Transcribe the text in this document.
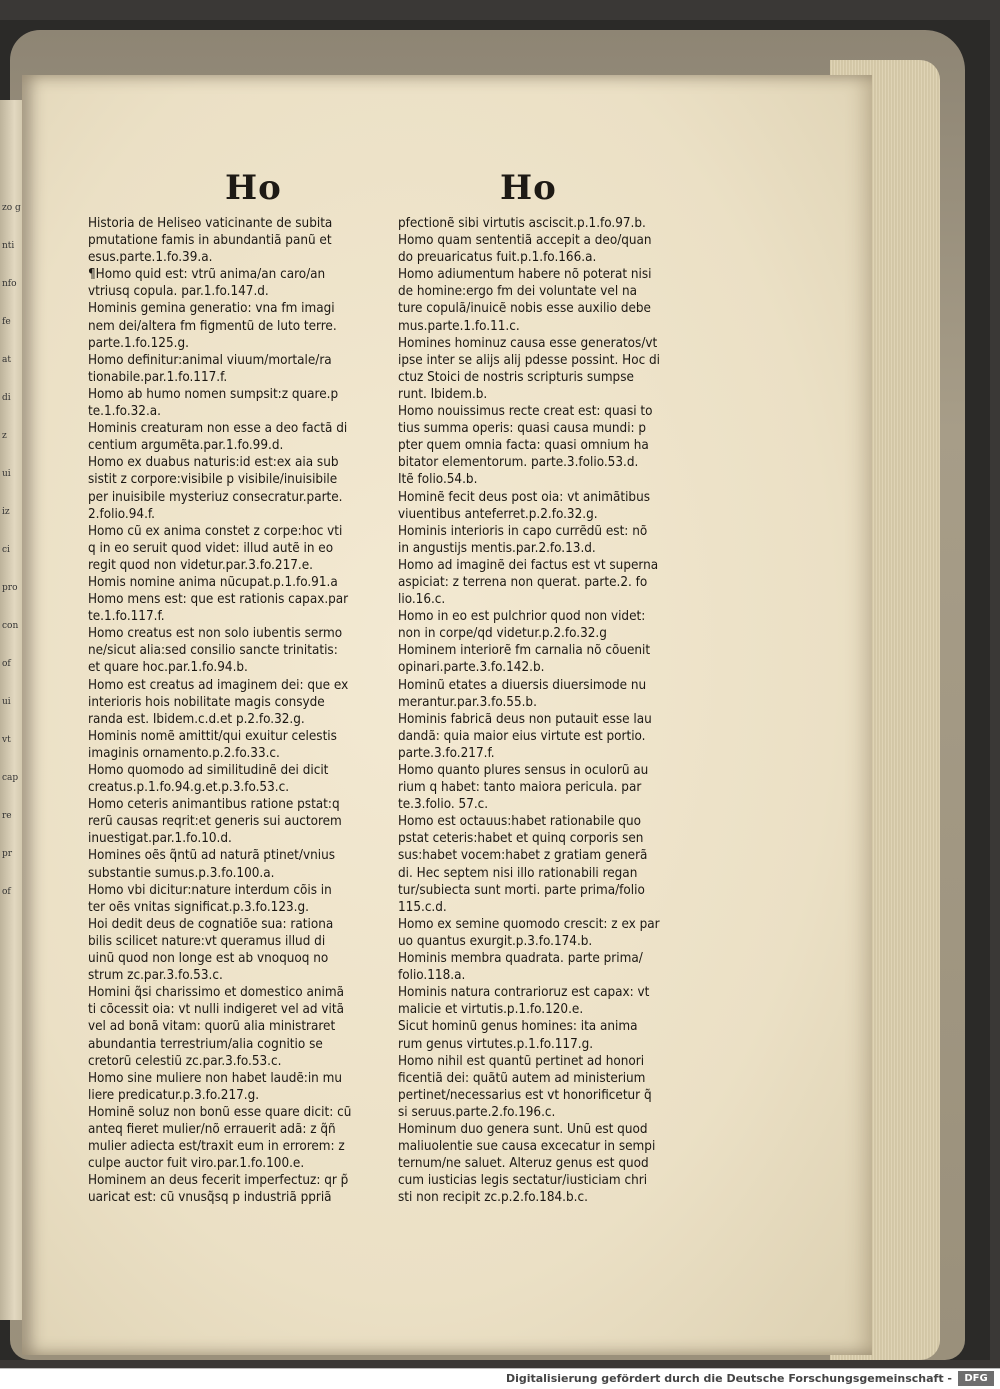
zo g
nti
nfo
fe
at
di
z
ui
iz
ci
pro
con
of
ui
vt
cap
re
pr
of
Ho	Ho

Historia de Heliseo vaticinante de subita

pmutatione famis in abundantiã panũ et

esus.parte.1.fo.39.a.

¶Homo quid est: vtrũ anima/an caro/an

vtriusq copula. par.1.fo.147.d.

Hominis gemina generatio: vna fm imagi

nem dei/altera fm figmentũ de luto terre.

parte.1.fo.125.g.

Homo definitur:animal viuum/mortale/ra

tionabile.par.1.fo.117.f.

Homo ab humo nomen sumpsit:z quare.p

te.1.fo.32.a.

Hominis creaturam non esse a deo factã di

centium argumẽta.par.1.fo.99.d.

Homo ex duabus naturis:id est:ex aia sub

sistit z corpore:visibile p visibile/inuisibile

per inuisibile mysteriuz consecratur.parte.

2.folio.94.f.

Homo cũ ex anima constet z corpe:hoc vti

q in eo seruit quod videt: illud autẽ in eo

regit quod non videtur.par.3.fo.217.e.

Homis nomine anima nũcupat.p.1.fo.91.a

Homo mens est: que est rationis capax.par

te.1.fo.117.f.

Homo creatus est non solo iubentis sermo

ne/sicut alia:sed consilio sancte trinitatis:

et quare hoc.par.1.fo.94.b.

Homo est creatus ad imaginem dei: que ex

interioris hois nobilitate magis consyde

randa est. Ibidem.c.d.et p.2.fo.32.g.

Hominis nomẽ amittit/qui exuitur celestis

imaginis ornamento.p.2.fo.33.c.

Homo quomodo ad similitudinẽ dei dicit

creatus.p.1.fo.94.g.et.p.3.fo.53.c.

Homo ceteris animantibus ratione pstat:q

rerũ causas reqrit:et generis sui auctorem

inuestigat.par.1.fo.10.d.

Homines oẽs q̃ntũ ad naturã ptinet/vnius

substantie sumus.p.3.fo.100.a.

Homo vbi dicitur:nature interdum cõis in

ter oẽs vnitas significat.p.3.fo.123.g.

Hoi dedit deus de cognatiõe sua: rationa

bilis scilicet nature:vt queramus illud di

uinũ quod non longe est ab vnoquoq no

strum zc.par.3.fo.53.c.

Homini q̃si charissimo et domestico animã

ti cõcessit oia: vt nulli indigeret vel ad vitã

vel ad bonã vitam: quorũ alia ministraret

abundantia terrestrium/alia cognitio se

cretorũ celestiũ zc.par.3.fo.53.c.

Homo sine muliere non habet laudẽ:in mu

liere predicatur.p.3.fo.217.g.

Hominẽ soluz non bonũ esse quare dicit: cũ

anteq fieret mulier/nõ errauerit adã: z q̃ñ

mulier adiecta est/traxit eum in errorem: z

culpe auctor fuit viro.par.1.fo.100.e.

Hominem an deus fecerit imperfectuz: qr p̃

uaricat est: cũ vnusq̃sq p industriã ppriã

pfectionẽ sibi virtutis asciscit.p.1.fo.97.b.

Homo quam sententiã accepit a deo/quan

do preuaricatus fuit.p.1.fo.166.a.

Homo adiumentum habere nõ poterat nisi

de homine:ergo fm dei voluntate vel na

ture copulã/inuicẽ nobis esse auxilio debe

mus.parte.1.fo.11.c.

Homines hominuz causa esse generatos/vt

ipse inter se alijs alij pdesse possint. Hoc di

ctuz Stoici de nostris scripturis sumpse

runt. Ibidem.b.

Homo nouissimus recte creat est: quasi to

tius summa operis: quasi causa mundi: p

pter quem omnia facta: quasi omnium ha

bitator elementorum. parte.3.folio.53.d.

Itẽ folio.54.b.

Hominẽ fecit deus post oia: vt animãtibus

viuentibus anteferret.p.2.fo.32.g.

Hominis interioris in capo currẽdũ est: nõ

in angustijs mentis.par.2.fo.13.d.

Homo ad imaginẽ dei factus est vt superna

aspiciat: z terrena non querat. parte.2. fo

lio.16.c.

Homo in eo est pulchrior quod non videt:

non in corpe/qd videtur.p.2.fo.32.g

Hominem interiorẽ fm carnalia nõ cõuenit

opinari.parte.3.fo.142.b.

Hominũ etates a diuersis diuersimode nu

merantur.par.3.fo.55.b.

Hominis fabricã deus non putauit esse lau

dandã: quia maior eius virtute est portio.

parte.3.fo.217.f.

Homo quanto plures sensus in oculorũ au

rium q habet: tanto maiora pericula. par

te.3.folio. 57.c.

Homo est octauus:habet rationabile quo

pstat ceteris:habet et quinq corporis sen

sus:habet vocem:habet z gratiam generã

di. Hec septem nisi illo rationabili regan

tur/subiecta sunt morti. parte prima/folio

115.c.d.

Homo ex semine quomodo crescit: z ex par

uo quantus exurgit.p.3.fo.174.b.

Hominis membra quadrata. parte prima/

folio.118.a.

Hominis natura contrarioruz est capax: vt

malicie et virtutis.p.1.fo.120.e.

Sicut hominũ genus homines: ita anima

rum genus virtutes.p.1.fo.117.g.

Homo nihil est quantũ pertinet ad honori

ficentiã dei: quãtũ autem ad ministerium

pertinet/necessarius est vt honorificetur q̃

si seruus.parte.2.fo.196.c.

Hominum duo genera sunt. Unũ est quod

maliuolentie sue causa excecatur in sempi

ternum/ne saluet. Alteruz genus est quod

cum iusticias legis sectatur/iusticiam chri

sti non recipit zc.p.2.fo.184.b.c.

Digitalisierung gefördert durch die Deutsche Forschungsgemeinschaft -	DFG
